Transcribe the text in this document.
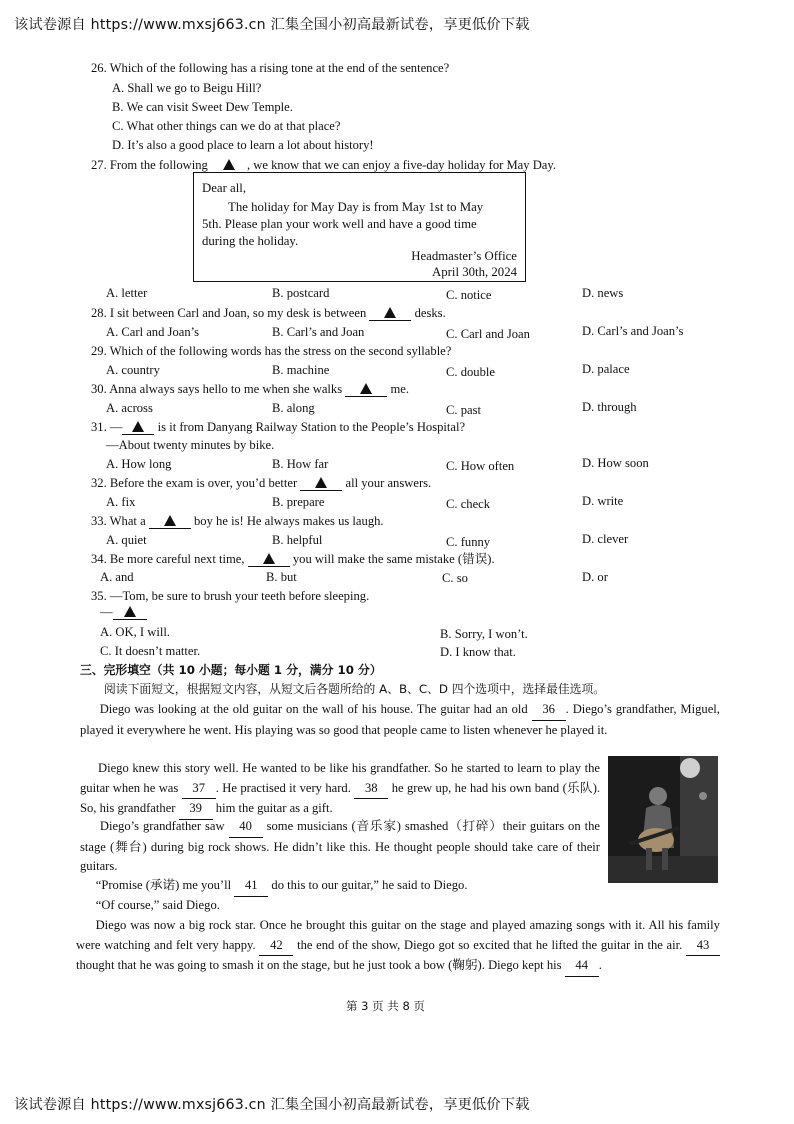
该试卷源自 https://www.mxsj663.cn 汇集全国小初高最新试卷，享更低价下载
26. Which of the following has a rising tone at the end of the sentence?
A. Shall we go to Beigu Hill?
B. We can visit Sweet Dew Temple.
C. What other things can we do at that place?
D. It’s also a good place to learn a lot about history!
27. From the following	, we know that we can enjoy a five-day holiday for May Day.
Dear all,
The holiday for May Day is from May 1st to May
5th. Please plan your work well and have a good time
during the holiday.
Headmaster’s Office
April 30th, 2024
A. letter	B. postcard	C. notice	D. news
28. I sit between Carl and Joan, so my desk is between	desks.
A. Carl and Joan’s	B. Carl’s and Joan	C. Carl and Joan	D. Carl’s and Joan’s
29. Which of the following words has the stress on the second syllable?
A. country	B. machine	C. double	D. palace
30. Anna always says hello to me when she walks	me.
A. across	B. along	C. past	D. through
31. —	is it from Danyang Railway Station to the People’s Hospital?
—About twenty minutes by bike.
A. How long	B. How far	C. How often	D. How soon
32. Before the exam is over, you’d better	all your answers.
A. fix	B. prepare	C. check	D. write
33. What a	boy he is! He always makes us laugh.
A. quiet	B. helpful	C. funny	D. clever
34. Be more careful next time,	you will make the same mistake (错误).
A. and	B. but	C. so	D. or
35. —Tom, be sure to brush your teeth before sleeping.
—
A. OK, I will.	B. Sorry, I won’t.
C. It doesn’t matter.	D. I know that.
三、完形填空（共 10 小题；每小题 1 分，满分 10 分）
阅读下面短文，根据短文内容，从短文后各题所给的 A、B、C、D 四个选项中，选择最佳选项。
Diego was looking at the old guitar on the wall of his house. The guitar had an old 36 . Diego’s grandfather, Miguel, played it everywhere he went. His playing was so good that people came to listen whenever he played it.
Diego knew this story well. He wanted to be like his grandfather. So he started to learn to play the guitar when he was 37 . He practised it very hard. 38 he grew up, he had his own band (乐队). So, his grandfather 39 him the guitar as a gift.
Diego’s grandfather saw 40 some musicians (音乐家) smashed（打碎）their guitars on the stage (舞台) during big rock shows. He didn’t like this. He thought people should take care of their guitars.
“Promise (承诺) me you’ll 41 do this to our guitar,” he said to Diego.
“Of course,” said Diego.
Diego was now a big rock star. Once he brought this guitar on the stage and played amazing songs with it. All his family were watching and felt very happy. 42 the end of the show, Diego got so excited that he lifted the guitar in the air. 43 thought that he was going to smash it on the stage, but he just took a bow (鞠躬). Diego kept his 44 .
第 3 页 共 8 页
该试卷源自 https://www.mxsj663.cn 汇集全国小初高最新试卷，享更低价下载
